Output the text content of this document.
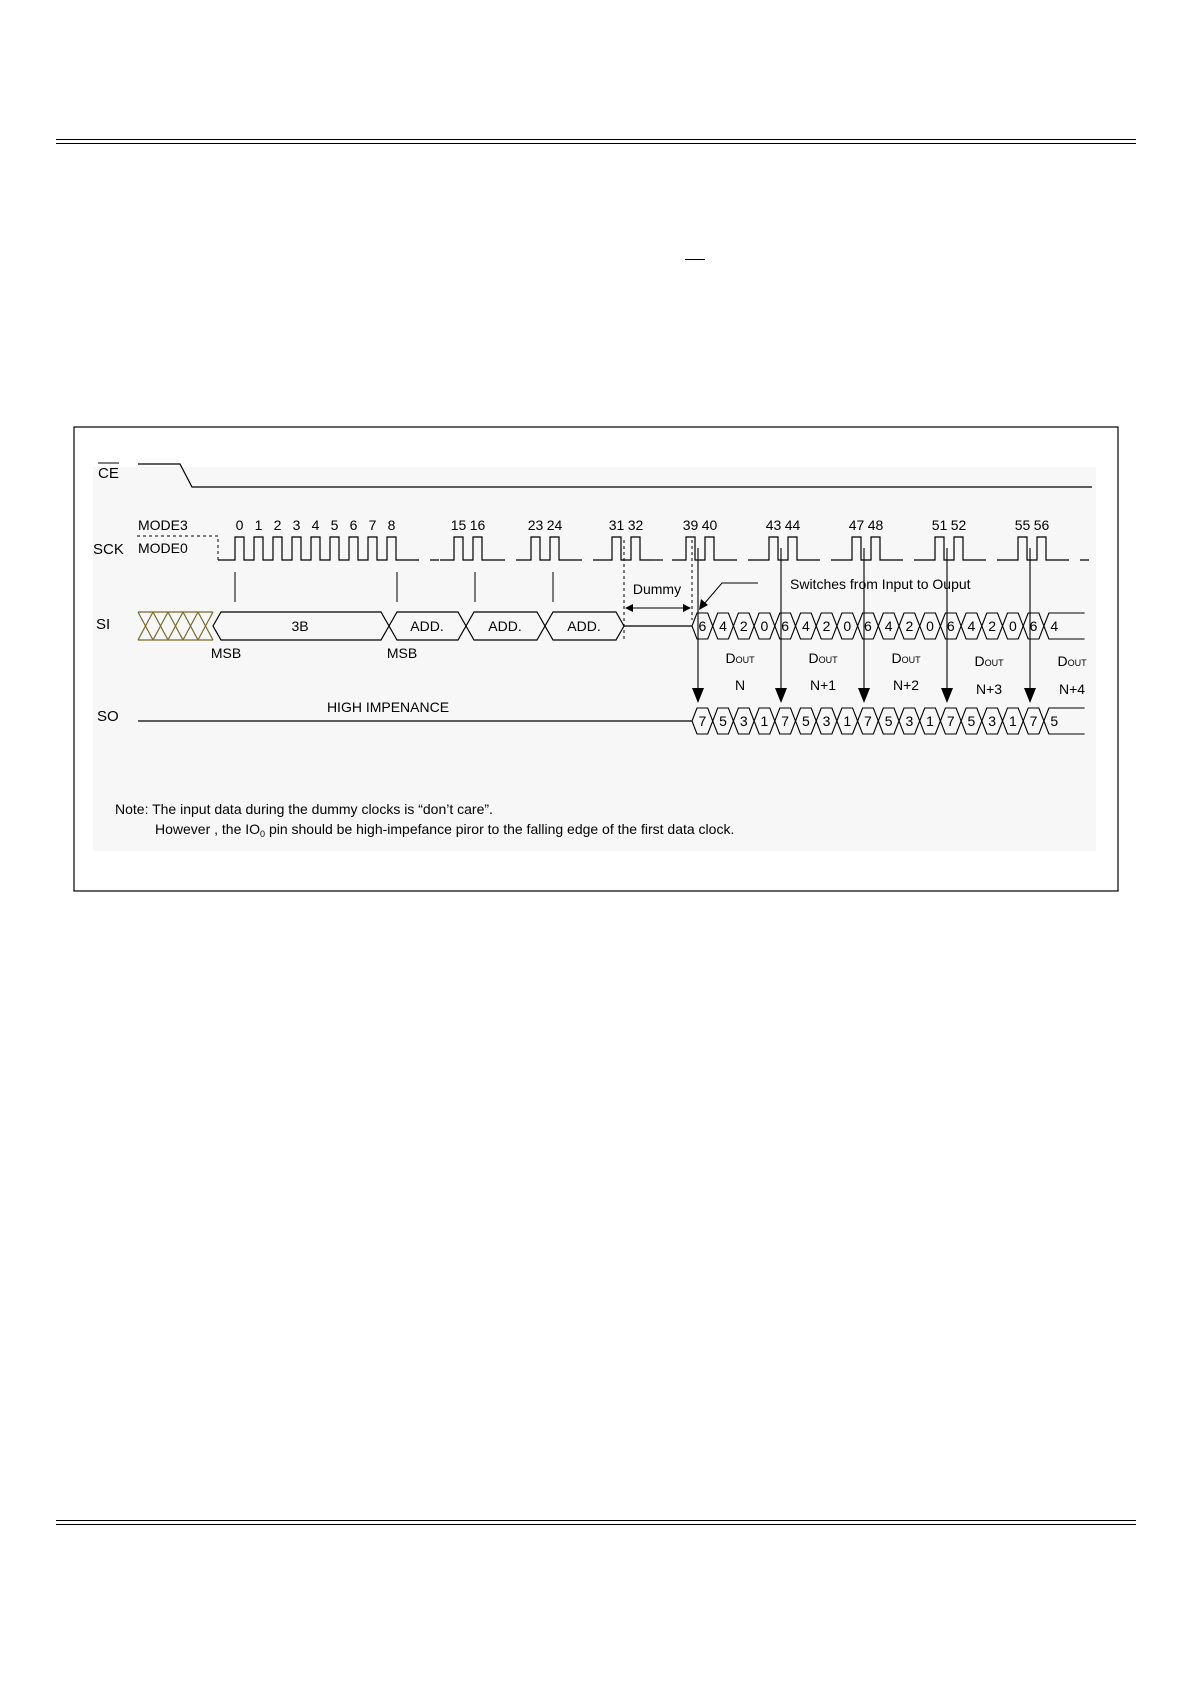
CE
SCK
SI
SO
MODE3
MODE0
0 1 2 3 4 5 6 7 8	15 16	23 24	31 32	39 40	43 44	47 48	51 52	55 56
3B	ADD.	ADD.	ADD.
MSB	MSB
Dummy	Switches from Input to Ouput
6 4 2 0 6 4 2 0 6 4 2 0 6 4 2 0 6 4
7 5 3 1 7 5 3 1 7 5 3 1 7 5 3 1 7 5
HIGH IMPENANCE
DOUT
N
DOUT
N+1
DOUT
N+2
DOUT
N+3
DOUT
N+4
Note: The input data during the dummy clocks is “don’t care”.
However , the $IO_0$ pin should be high-impefance piror to the falling edge of the first data clock.
